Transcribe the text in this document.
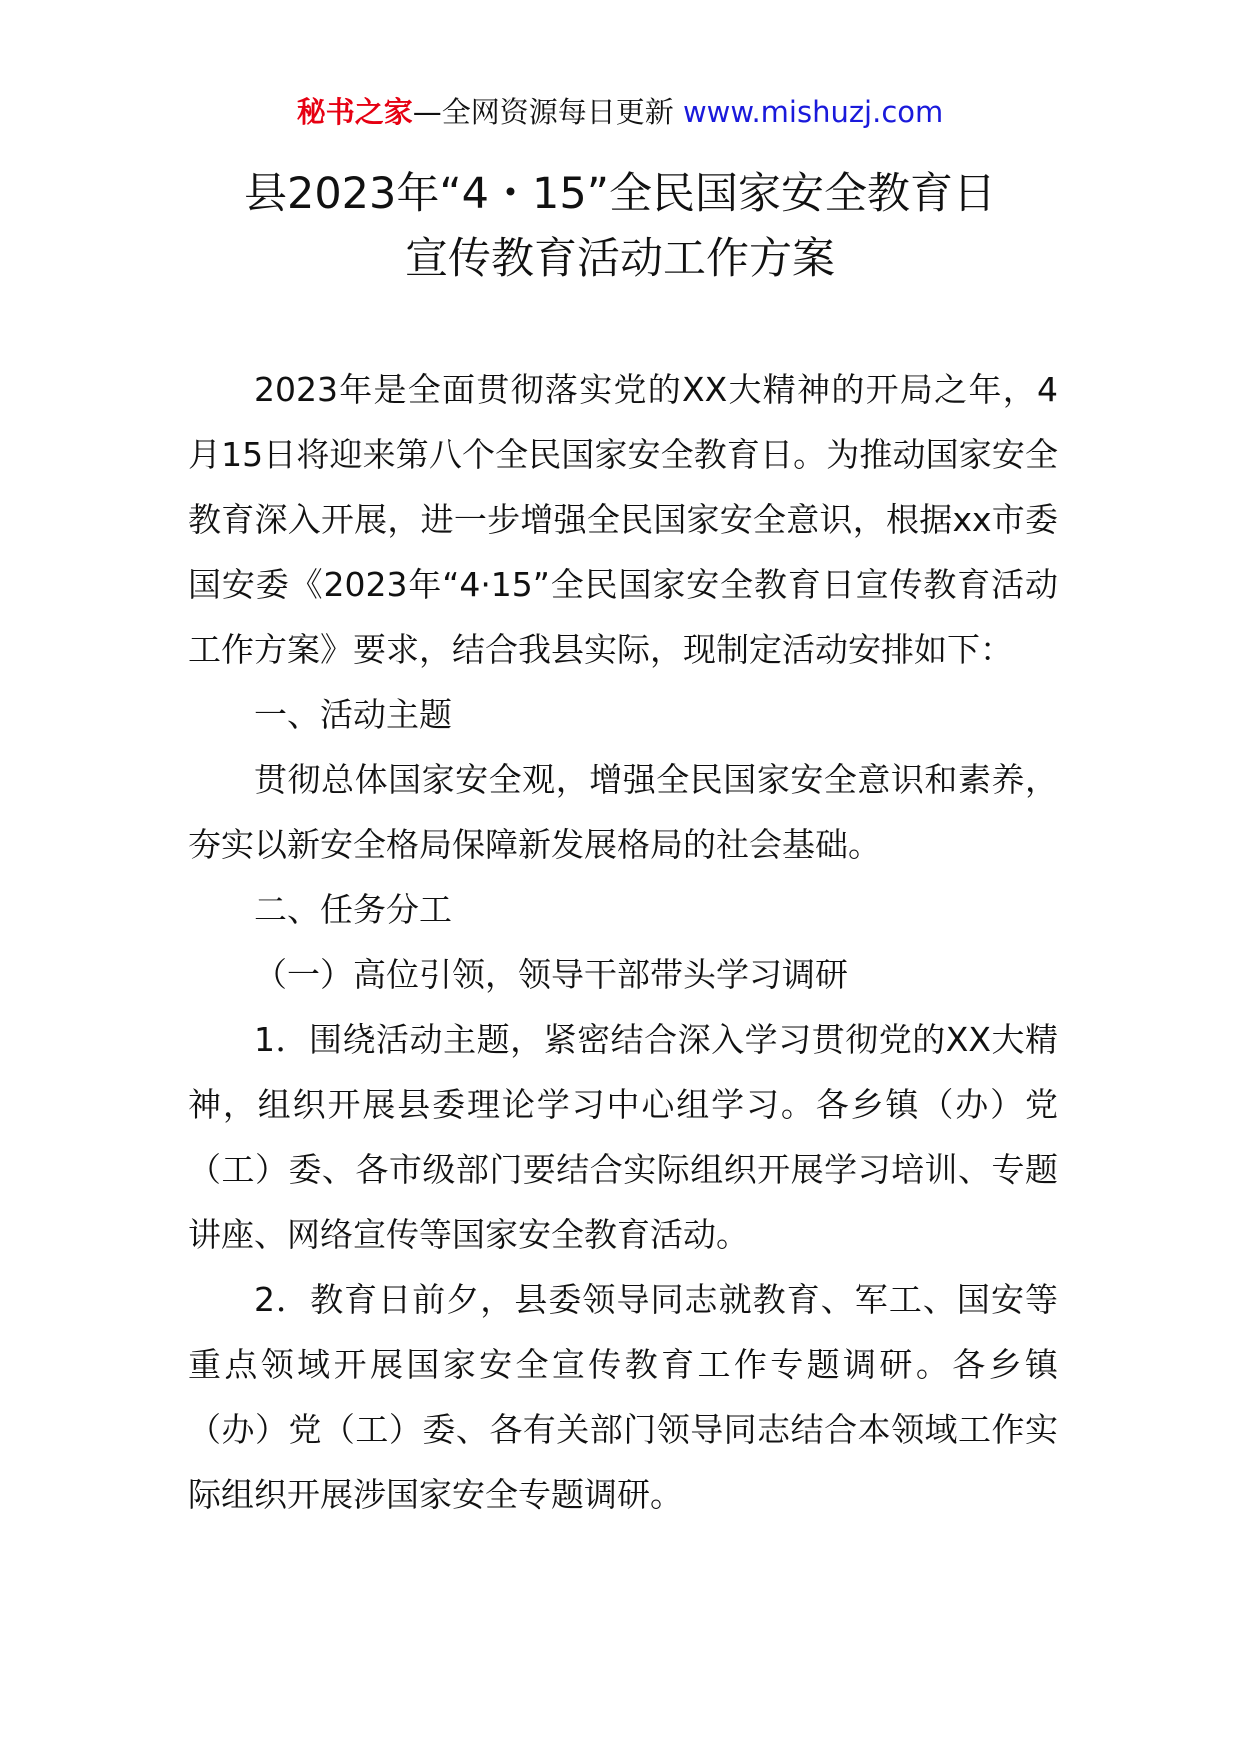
秘书之家—全网资源每日更新 www.mishuzj.com
县2023年“4・15”全民国家安全教育日
宣传教育活动工作方案

2023年是全面贯彻落实党的XX大精神的开局之年，4月15日将迎来第八个全民国家安全教育日。为推动国家安全教育深入开展，进一步增强全民国家安全意识，根据xx市委国安委《2023年“4·15”全民国家安全教育日宣传教育活动工作方案》要求，结合我县实际，现制定活动安排如下：

一、活动主题

贯彻总体国家安全观，增强全民国家安全意识和素养，夯实以新安全格局保障新发展格局的社会基础。

二、任务分工

（一）高位引领，领导干部带头学习调研

1．围绕活动主题，紧密结合深入学习贯彻党的XX大精神，组织开展县委理论学习中心组学习。各乡镇（办）党（工）委、各市级部门要结合实际组织开展学习培训、专题讲座、网络宣传等国家安全教育活动。

2．教育日前夕，县委领导同志就教育、军工、国安等重点领域开展国家安全宣传教育工作专题调研。各乡镇（办）党（工）委、各有关部门领导同志结合本领域工作实际组织开展涉国家安全专题调研。
